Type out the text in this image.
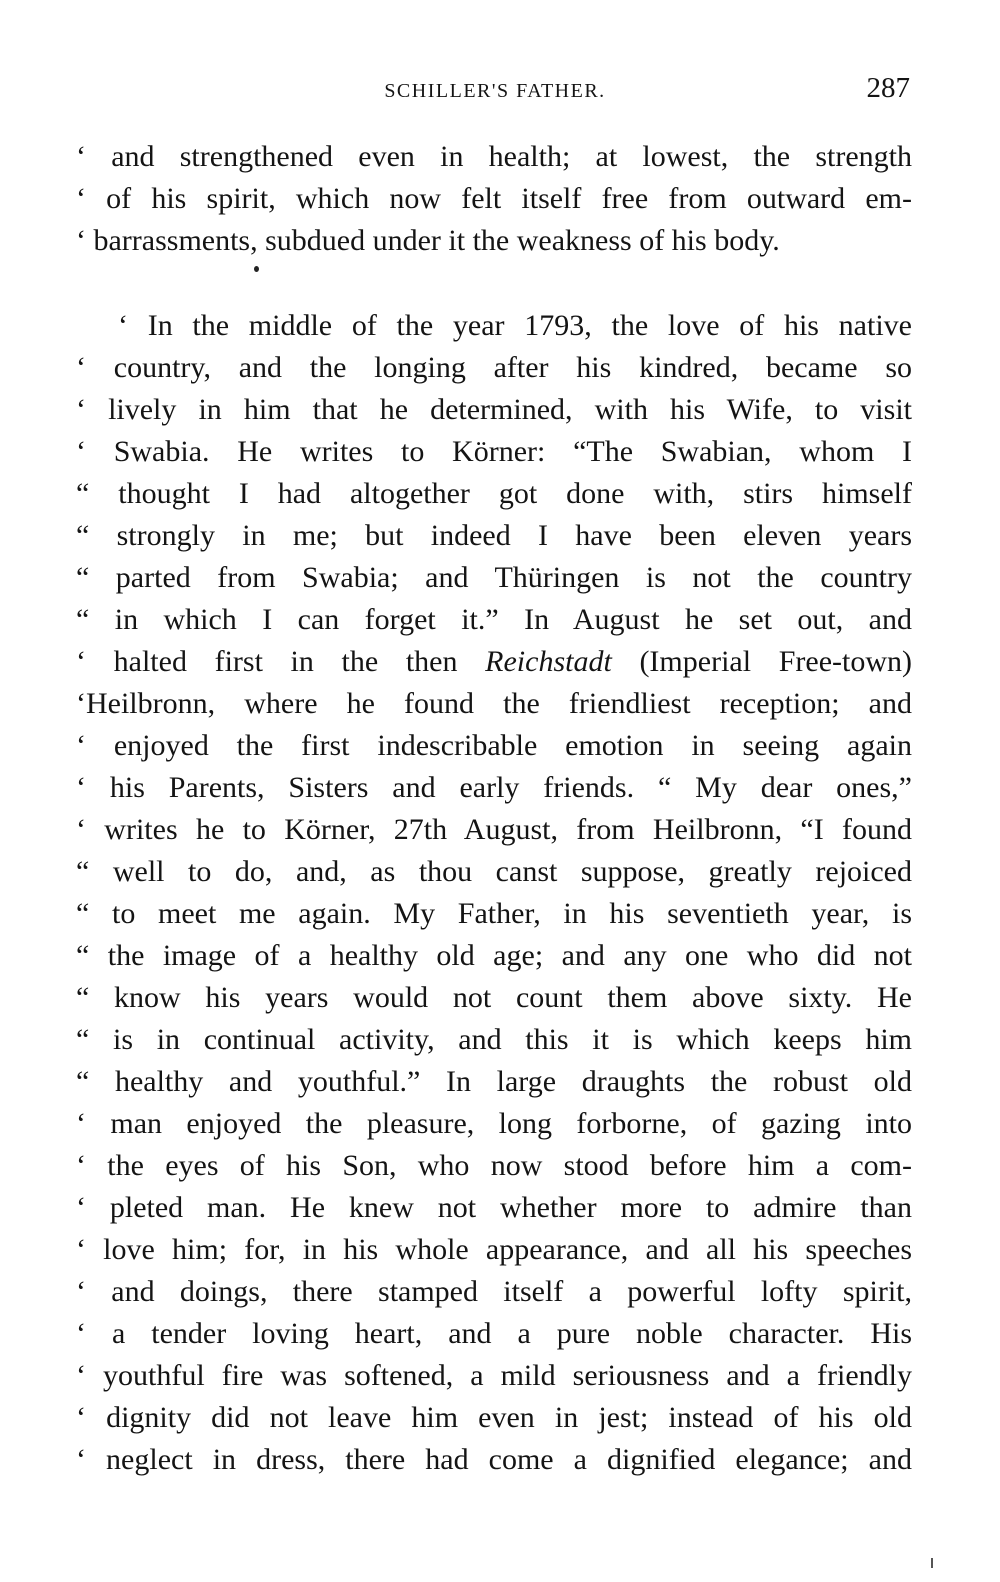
SCHILLER'S FATHER.	287
‘ and strengthened even in health; at lowest, the strength
‘ of his spirit, which now felt itself free from outward em-
‘ barrassments, subdued under it the weakness of his body.
‘ In the middle of the year 1793, the love of his native
‘ country, and the longing after his kindred, became so
‘ lively in him that he determined, with his Wife, to visit
‘ Swabia. He writes to Körner: “The Swabian, whom I
“ thought I had altogether got done with, stirs himself
“ strongly in me; but indeed I have been eleven years
“ parted from Swabia; and Thüringen is not the country
“ in which I can forget it.” In August he set out, and
‘ halted first in the then Reichstadt (Imperial Free-town)
‘Heilbronn, where he found the friendliest reception; and
‘ enjoyed the first indescribable emotion in seeing again
‘ his Parents, Sisters and early friends. “ My dear ones,”
‘ writes he to Körner, 27th August, from Heilbronn, “I found
“ well to do, and, as thou canst suppose, greatly rejoiced
“ to meet me again. My Father, in his seventieth year, is
“ the image of a healthy old age; and any one who did not
“ know his years would not count them above sixty. He
“ is in continual activity, and this it is which keeps him
“ healthy and youthful.” In large draughts the robust old
‘ man enjoyed the pleasure, long forborne, of gazing into
‘ the eyes of his Son, who now stood before him a com-
‘ pleted man. He knew not whether more to admire than
‘ love him; for, in his whole appearance, and all his speeches
‘ and doings, there stamped itself a powerful lofty spirit,
‘ a tender loving heart, and a pure noble character. His
‘ youthful fire was softened, a mild seriousness and a friendly
‘ dignity did not leave him even in jest; instead of his old
‘ neglect in dress, there had come a dignified elegance; and
